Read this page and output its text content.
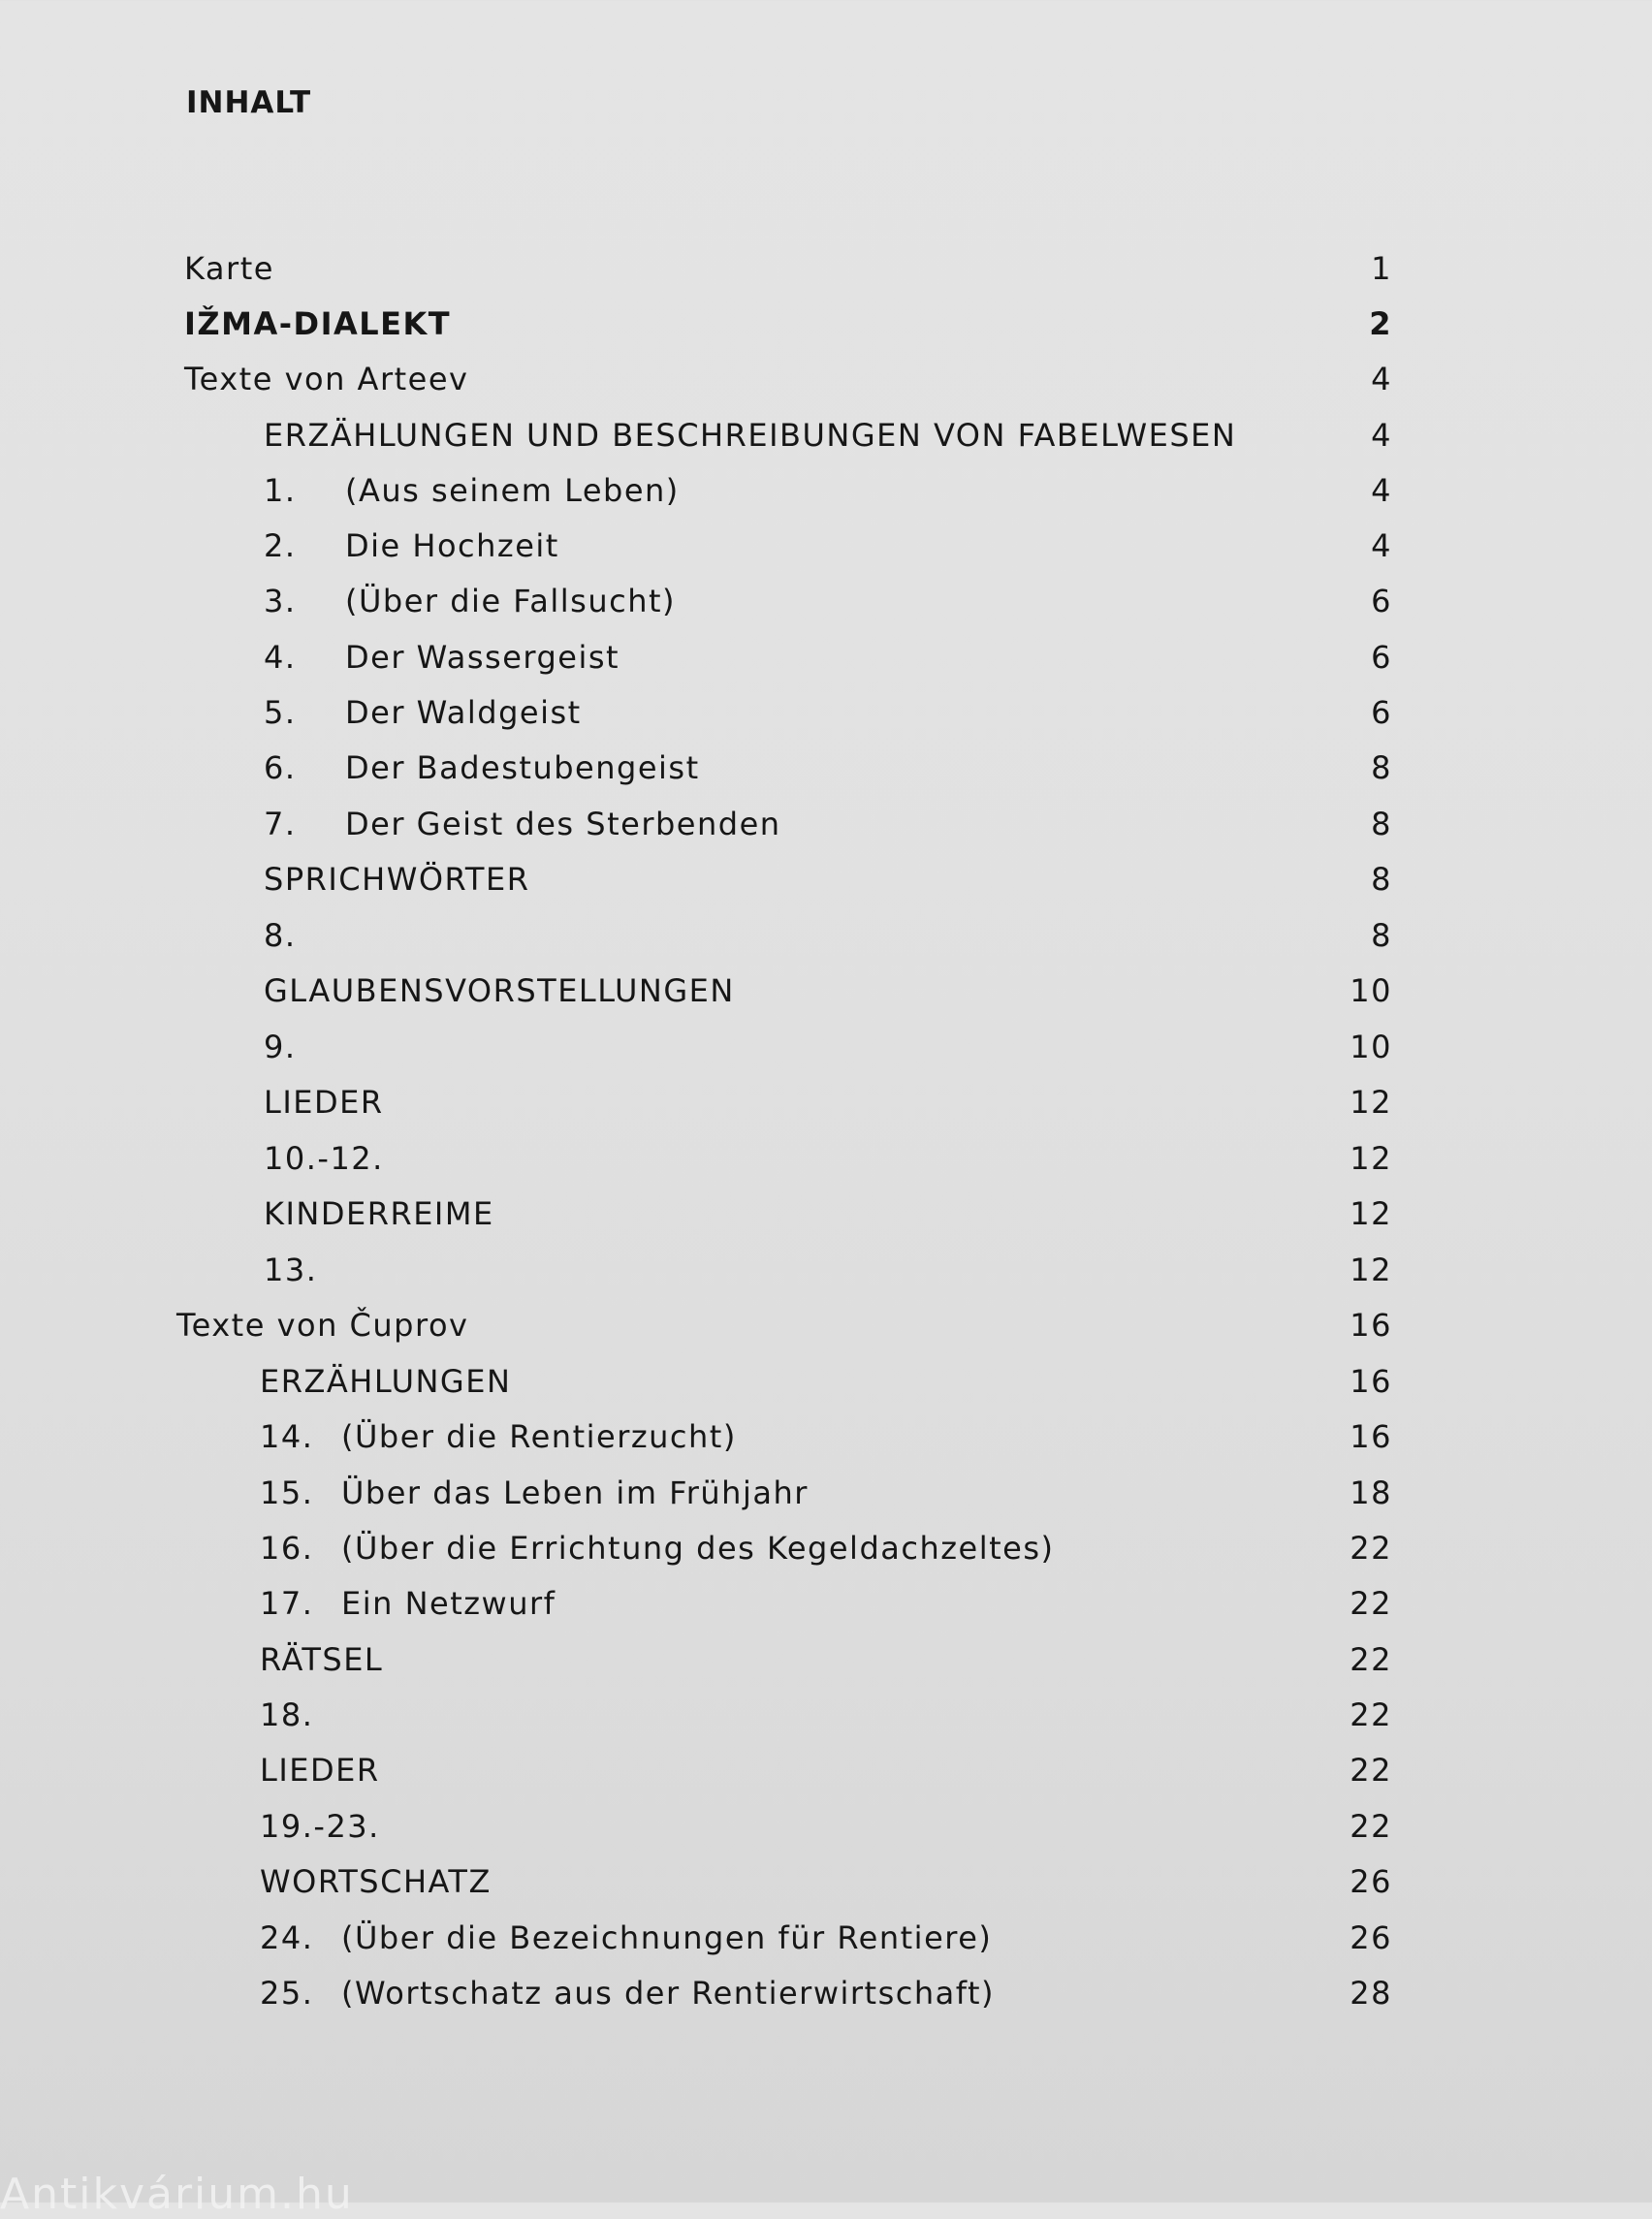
INHALT
Karte	1
IŽMA-DIALEKT	2
Texte von Arteev	4
ERZÄHLUNGEN UND BESCHREIBUNGEN VON FABELWESEN	4
1. (Aus seinem Leben)	4
2. Die Hochzeit	4
3. (Über die Fallsucht)	6
4. Der Wassergeist	6
5. Der Waldgeist	6
6. Der Badestubengeist	8
7. Der Geist des Sterbenden	8
SPRICHWÖRTER	8
8.	8
GLAUBENSVORSTELLUNGEN	10
9.	10
LIEDER	12
10.-12.	12
KINDERREIME	12
13.	12
Texte von Čuprov	16
ERZÄHLUNGEN	16
14. (Über die Rentierzucht)	16
15. Über das Leben im Frühjahr	18
16. (Über die Errichtung des Kegeldachzeltes)	22
17. Ein Netzwurf	22
RÄTSEL	22
18.	22
LIEDER	22
19.-23.	22
WORTSCHATZ	26
24. (Über die Bezeichnungen für Rentiere)	26
25. (Wortschatz aus der Rentierwirtschaft)	28
Antikvárium.hu
